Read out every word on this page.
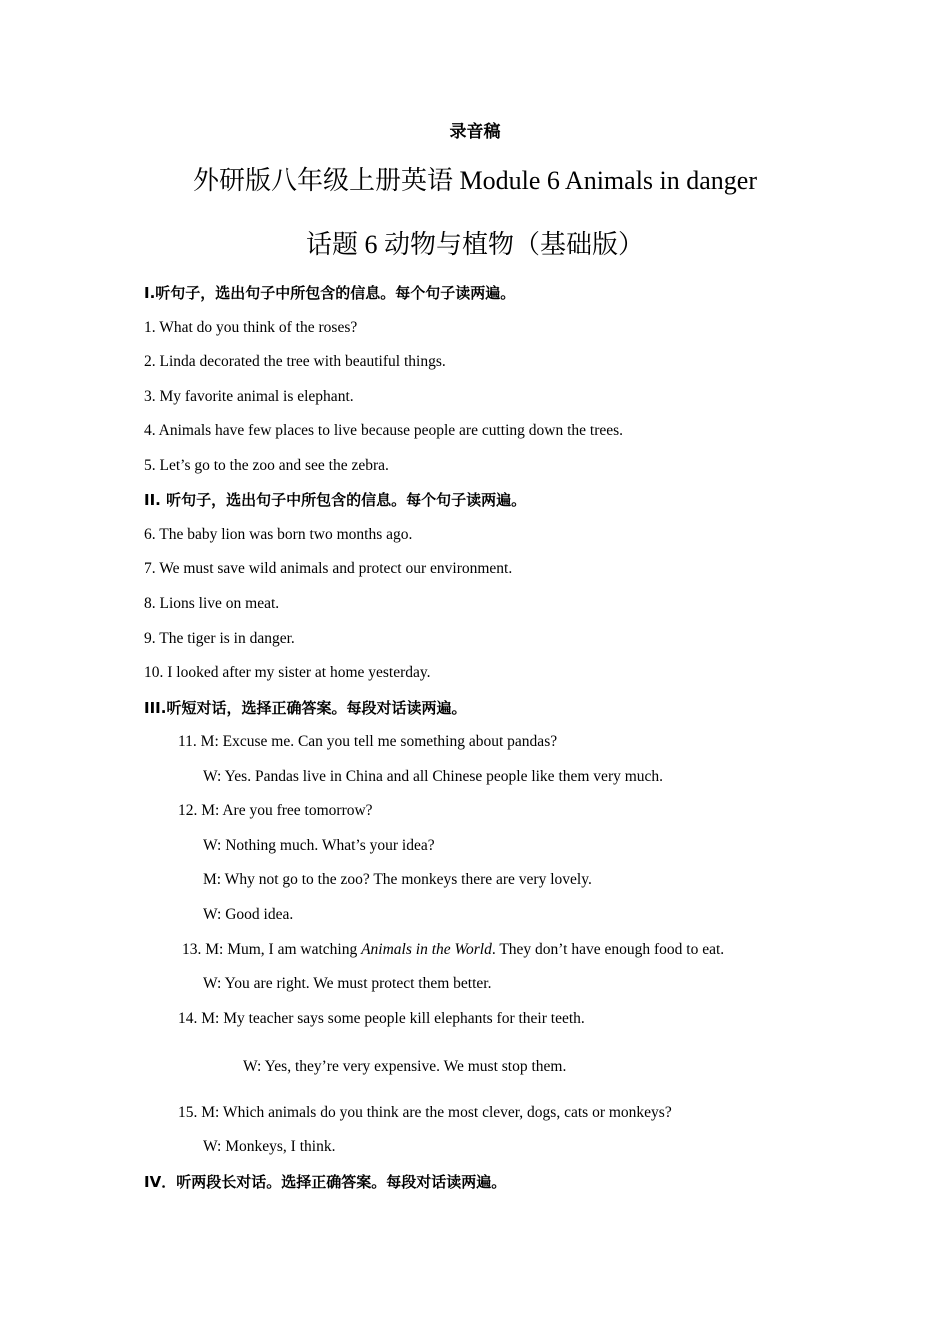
录音稿
外研版八年级上册英语 Module 6 Animals in danger
话题 6 动物与植物（基础版）
I.听句子，选出句子中所包含的信息。每个句子读两遍。
1. What do you think of the roses?
2. Linda decorated the tree with beautiful things.
3. My favorite animal is elephant.
4. Animals have few places to live because people are cutting down the trees.
5. Let’s go to the zoo and see the zebra.
II. 听句子，选出句子中所包含的信息。每个句子读两遍。
6. The baby lion was born two months ago.
7. We must save wild animals and protect our environment.
8. Lions live on meat.
9. The tiger is in danger.
10. I looked after my sister at home yesterday.
III.听短对话，选择正确答案。每段对话读两遍。
11. M: Excuse me. Can you tell me something about pandas?
W: Yes. Pandas live in China and all Chinese people like them very much.
12. M: Are you free tomorrow?
W: Nothing much. What’s your idea?
M: Why not go to the zoo? The monkeys there are very lovely.
W: Good idea.
13. M: Mum, I am watching Animals in the World. They don’t have enough food to eat.
W: You are right. We must protect them better.
14. M: My teacher says some people kill elephants for their teeth.
W: Yes, they’re very expensive. We must stop them.
15. M: Which animals do you think are the most clever, dogs, cats or monkeys?
W: Monkeys, I think.
IV．听两段长对话。选择正确答案。每段对话读两遍。
